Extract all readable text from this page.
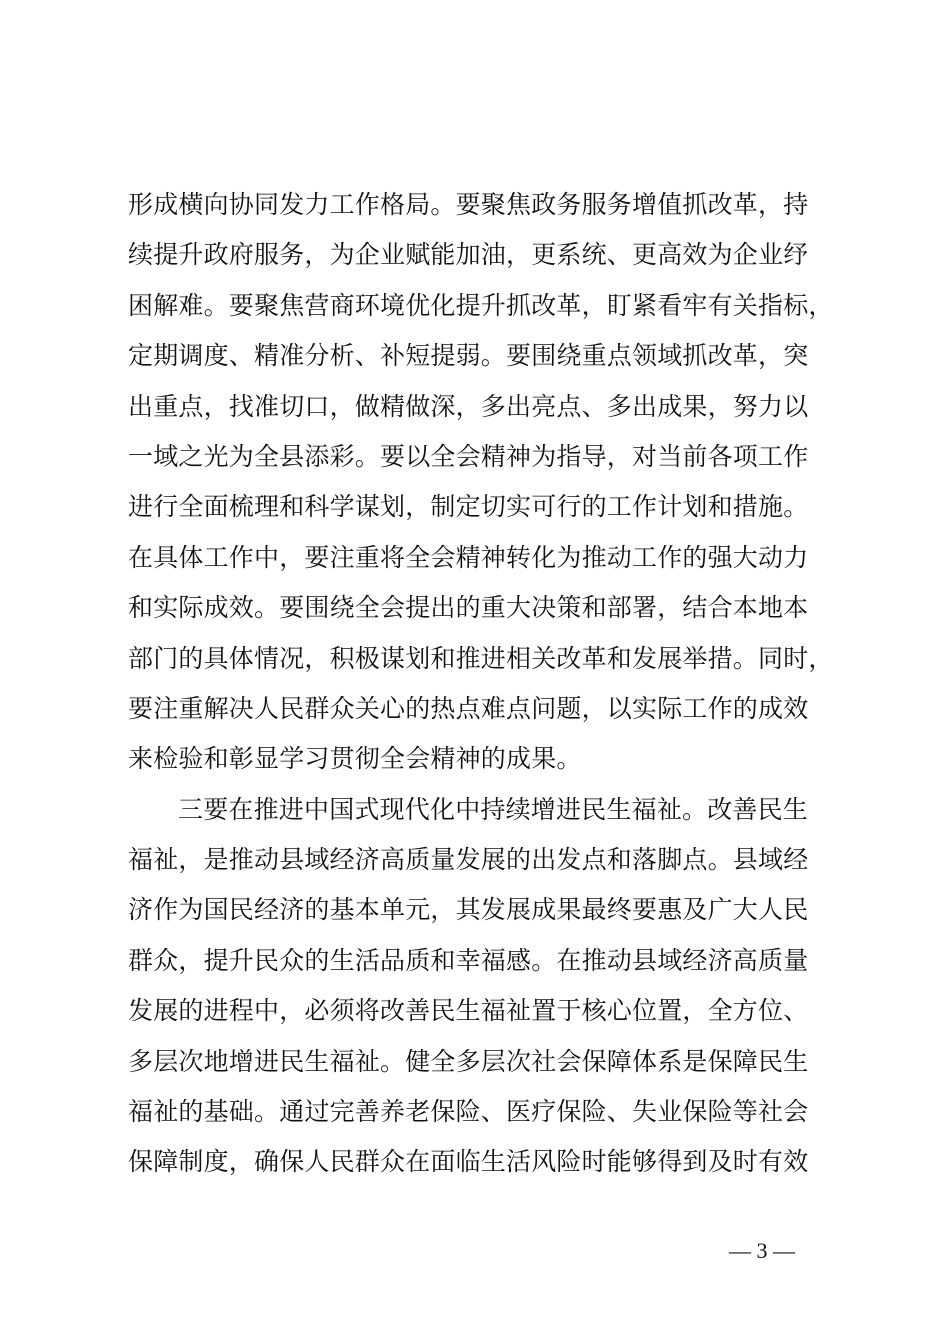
形成横向协同发力工作格局。要聚焦政务服务增值抓改革，持
续提升政府服务，为企业赋能加油，更系统、更高效为企业纾
困解难。要聚焦营商环境优化提升抓改革，盯紧看牢有关指标，
定期调度、精准分析、补短提弱。要围绕重点领域抓改革，突
出重点，找准切口，做精做深，多出亮点、多出成果，努力以
一域之光为全县添彩。要以全会精神为指导，对当前各项工作
进行全面梳理和科学谋划，制定切实可行的工作计划和措施。
在具体工作中，要注重将全会精神转化为推动工作的强大动力
和实际成效。要围绕全会提出的重大决策和部署，结合本地本
部门的具体情况，积极谋划和推进相关改革和发展举措。同时，
要注重解决人民群众关心的热点难点问题，以实际工作的成效
来检验和彰显学习贯彻全会精神的成果。
三要在推进中国式现代化中持续增进民生福祉。改善民生
福祉，是推动县域经济高质量发展的出发点和落脚点。县域经
济作为国民经济的基本单元，其发展成果最终要惠及广大人民
群众，提升民众的生活品质和幸福感。在推动县域经济高质量
发展的进程中，必须将改善民生福祉置于核心位置，全方位、
多层次地增进民生福祉。健全多层次社会保障体系是保障民生
福祉的基础。通过完善养老保险、医疗保险、失业保险等社会
保障制度，确保人民群众在面临生活风险时能够得到及时有效
— 3 —
